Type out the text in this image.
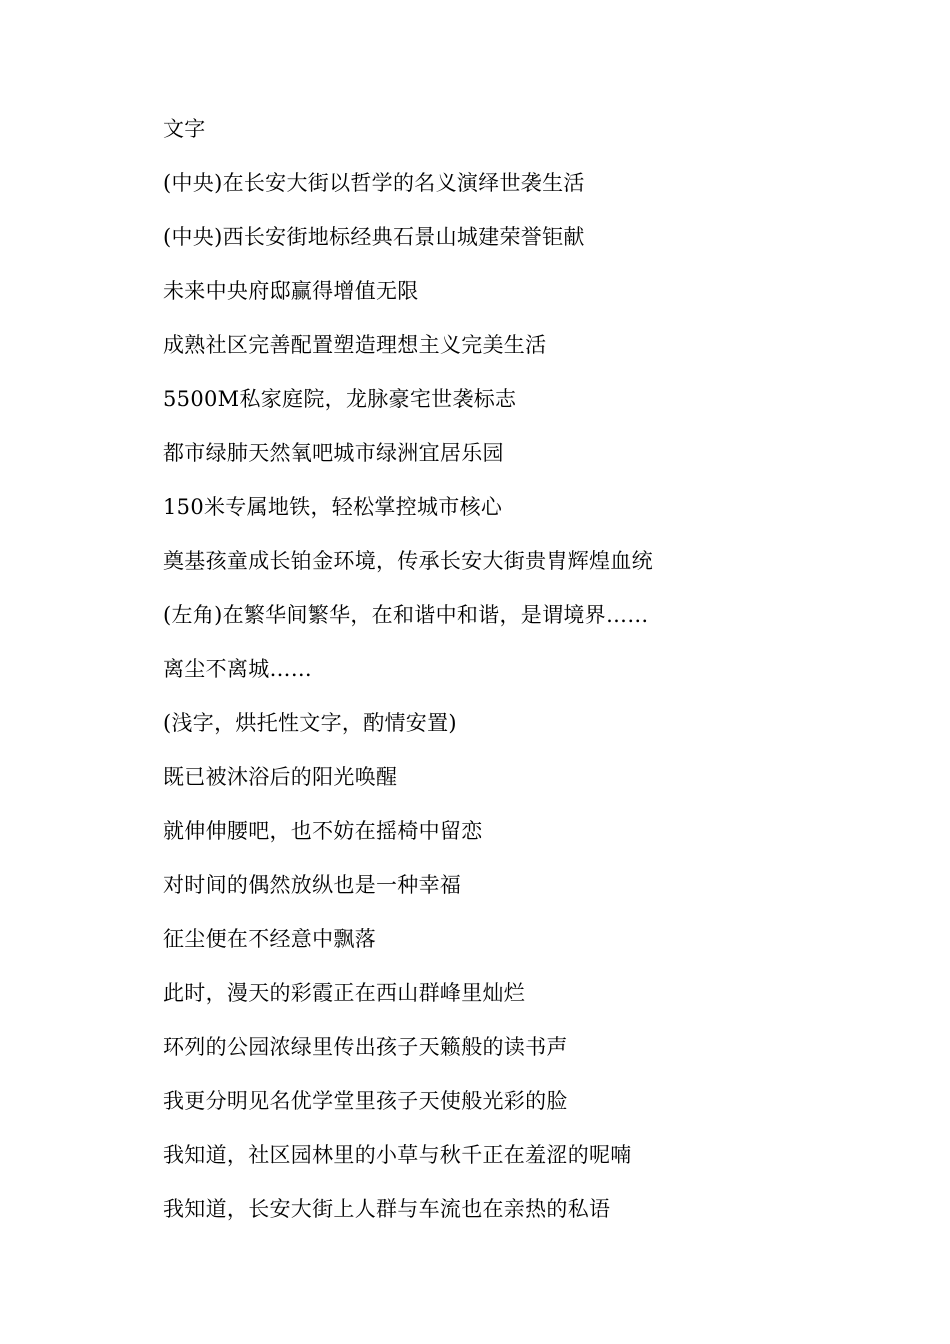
文字
(中央)在长安大街以哲学的名义演绎世袭生活
(中央)西长安街地标经典石景山城建荣誉钜献
未来中央府邸赢得增值无限
成熟社区完善配置塑造理想主义完美生活
5500M私家庭院，龙脉豪宅世袭标志
都市绿肺天然氧吧城市绿洲宜居乐园
150米专属地铁，轻松掌控城市核心
奠基孩童成长铂金环境，传承长安大街贵胄辉煌血统
(左角)在繁华间繁华，在和谐中和谐，是谓境界……
离尘不离城……
(浅字，烘托性文字，酌情安置)
既已被沐浴后的阳光唤醒
就伸伸腰吧，也不妨在摇椅中留恋
对时间的偶然放纵也是一种幸福
征尘便在不经意中飘落
此时，漫天的彩霞正在西山群峰里灿烂
环列的公园浓绿里传出孩子天籁般的读书声
我更分明见名优学堂里孩子天使般光彩的脸
我知道，社区园林里的小草与秋千正在羞涩的呢喃
我知道，长安大街上人群与车流也在亲热的私语
